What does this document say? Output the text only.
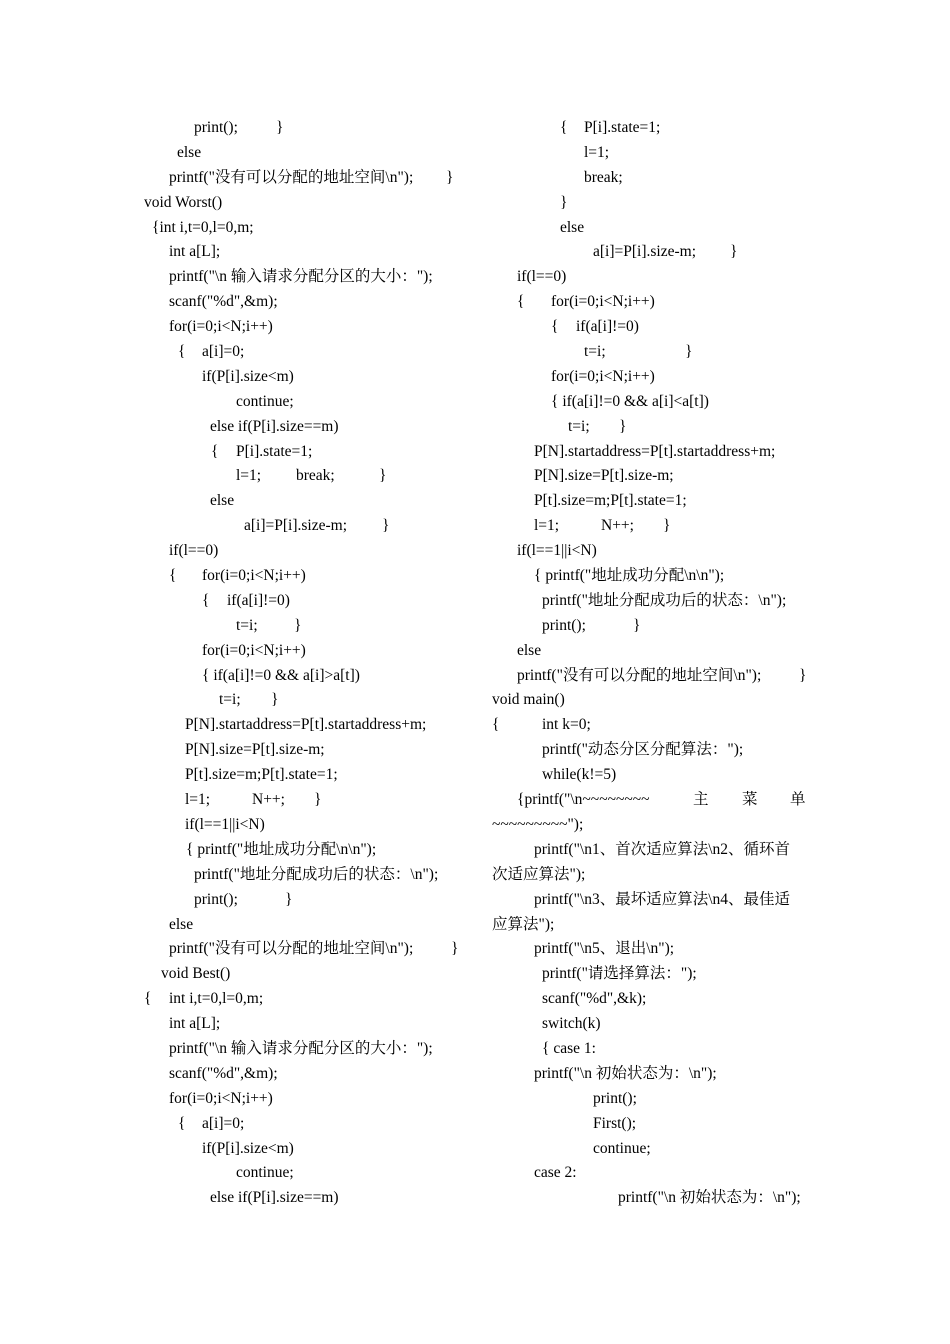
print(); }
else
printf("没有可以分配的地址空间\n"); }
void Worst()
{int i,t=0,l=0,m;
int a[L];
printf("\n 输入请求分配分区的大小：");
scanf("%d",&m);
for(i=0;i<N;i++)
{ a[i]=0;
if(P[i].size<m)
continue;
else if(P[i].size==m)
{ P[i].state=1;
l=1; break;	}
else
a[i]=P[i].size-m; }
if(l==0)
{ for(i=0;i<N;i++)
{ if(a[i]!=0)
t=i; }
for(i=0;i<N;i++)
{ if(a[i]!=0 && a[i]>a[t])
t=i; }
P[N].startaddress=P[t].startaddress+m;
P[N].size=P[t].size-m;
P[t].size=m;P[t].state=1;
l=1;	N++; }
if(l==1||i<N)
{ printf("地址成功分配\n\n");
printf("地址分配成功后的状态：\n");
print();	}
else
printf("没有可以分配的地址空间\n"); }
void Best()
{ int i,t=0,l=0,m;
int a[L];
printf("\n 输入请求分配分区的大小：");
scanf("%d",&m);
for(i=0;i<N;i++)
{ a[i]=0;
if(P[i].size<m)
continue;
else if(P[i].size==m)
{ P[i].state=1;
l=1;
break;
}
else
a[i]=P[i].size-m; }
if(l==0)
{ for(i=0;i<N;i++)
{ if(a[i]!=0)
t=i;	}
for(i=0;i<N;i++)
{ if(a[i]!=0 && a[i]<a[t])
t=i; }
P[N].startaddress=P[t].startaddress+m;
P[N].size=P[t].size-m;
P[t].size=m;P[t].state=1;
l=1;	N++; }
if(l==1||i<N)
{ printf("地址成功分配\n\n");
printf("地址分配成功后的状态：\n");
print();	}
else
printf("没有可以分配的地址空间\n"); }
void main()
{	int k=0;
printf("动态分区分配算法：");
while(k!=5)
{printf("\n~~~~~~~~	主 菜 单
~~~~~~~~~");
printf("\n1、首次适应算法\n2、循环首
次适应算法");
printf("\n3、最坏适应算法\n4、最佳适
应算法");
printf("\n5、退出\n");
printf("请选择算法：");
scanf("%d",&k);
switch(k)
{ case 1:
printf("\n 初始状态为：\n");
print();
First();
continue;
case 2:
printf("\n 初始状态为：\n");
